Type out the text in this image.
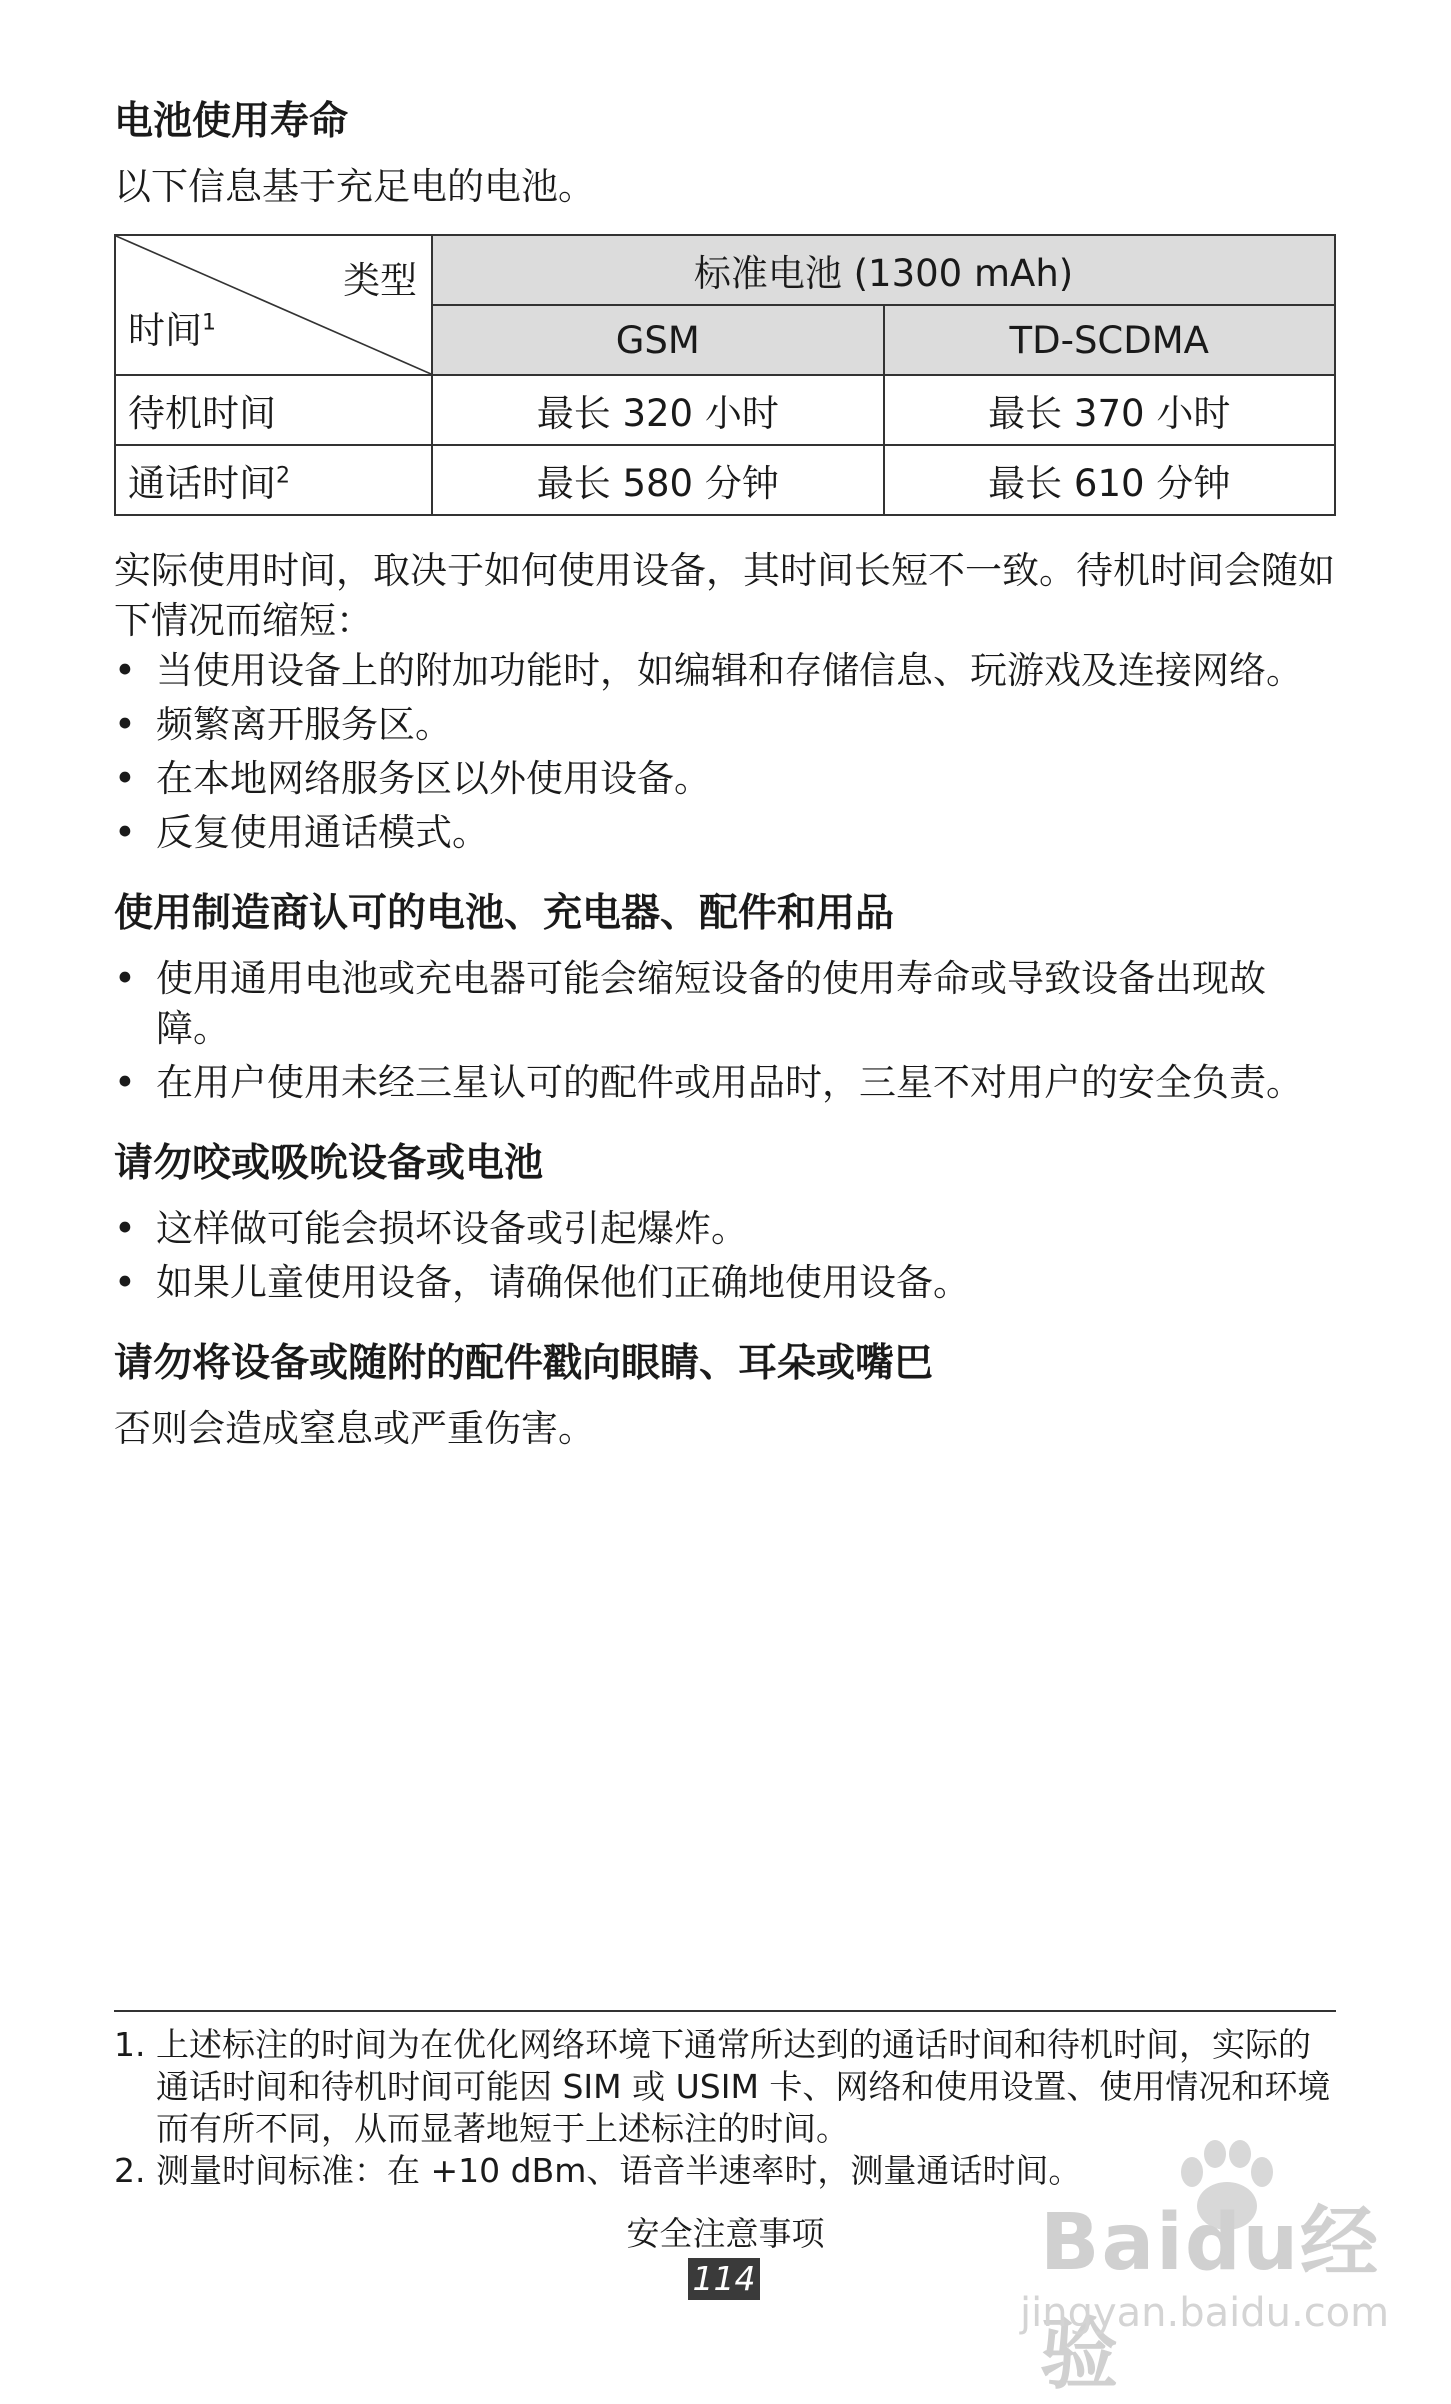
电池使用寿命

以下信息基于充足电的电池。

类型
时间$^1$	标准电池 (1300 mAh)	
	GSM	TD-SCDMA
待机时间	最长 320 小时	最长 370 小时
通话时间$^2$	最长 580 分钟	最长 610 分钟

实际使用时间，取决于如何使用设备，其时间长短不一致。待机时间会随如下情况而缩短：

• 当使用设备上的附加功能时，如编辑和存储信息、玩游戏及连接网络。
• 频繁离开服务区。
• 在本地网络服务区以外使用设备。
• 反复使用通话模式。
使用制造商认可的电池、充电器、配件和用品
• 使用通用电池或充电器可能会缩短设备的使用寿命或导致设备出现故障。
• 在用户使用未经三星认可的配件或用品时，三星不对用户的安全负责。
请勿咬或吸吮设备或电池
• 这样做可能会损坏设备或引起爆炸。
• 如果儿童使用设备，请确保他们正确地使用设备。
请勿将设备或随附的配件戳向眼睛、耳朵或嘴巴

否则会造成窒息或严重伤害。

1. 上述标注的时间为在优化网络环境下通常所达到的通话时间和待机时间，实际的通话时间和待机时间可能因 SIM 或 USIM 卡、网络和使用设置、使用情况和环境而有所不同，从而显著地短于上述标注的时间。
2. 测量时间标准：在 +10 dBm、语音半速率时，测量通话时间。
安全注意事项
114	Baidu经验
jingyan.baidu.com
